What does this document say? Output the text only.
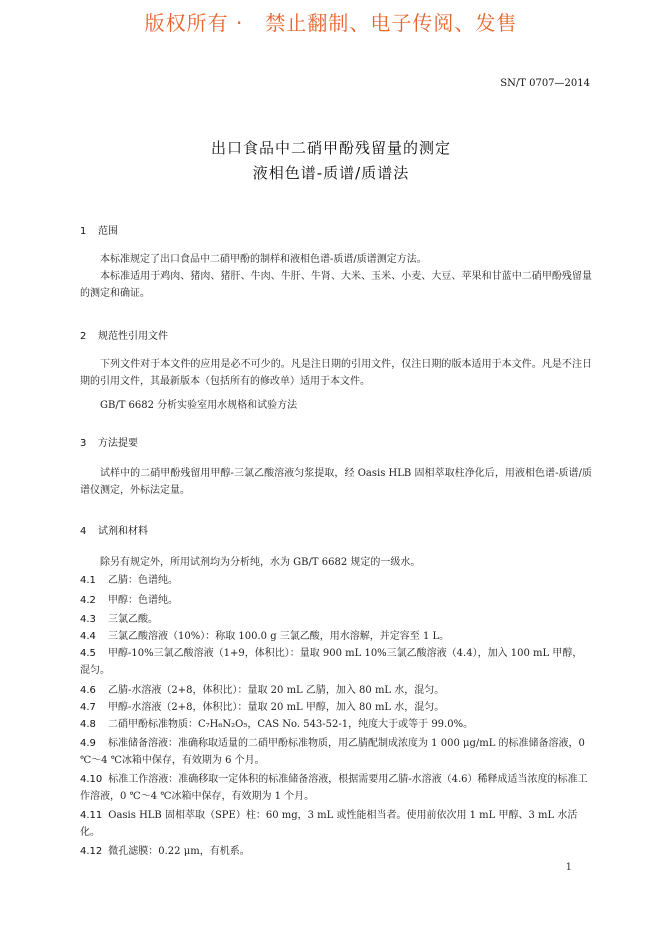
版权所有 ·   禁止翻制、电子传阅、发售
SN/T 0707—2014
出口食品中二硝甲酚残留量的测定
液相色谱-质谱/质谱法
1 范围

本标准规定了出口食品中二硝甲酚的制样和液相色谱-质谱/质谱测定方法。

本标准适用于鸡肉、猪肉、猪肝、牛肉、牛肝、牛肾、大米、玉米、小麦、大豆、苹果和甘蓝中二硝甲酚残留量的测定和确证。

2 规范性引用文件

下列文件对于本文件的应用是必不可少的。凡是注日期的引用文件，仅注日期的版本适用于本文件。凡是不注日期的引用文件，其最新版本（包括所有的修改单）适用于本文件。

GB/T 6682 分析实验室用水规格和试验方法

3 方法提要

试样中的二硝甲酚残留用甲醇-三氯乙酸溶液匀浆提取，经 Oasis HLB 固相萃取柱净化后，用液相色谱-质谱/质谱仪测定，外标法定量。

4 试剂和材料

除另有规定外，所用试剂均为分析纯，水为 GB/T 6682 规定的一级水。

4.1 乙腈：色谱纯。

4.2 甲醇：色谱纯。

4.3 三氯乙酸。

4.4 三氯乙酸溶液（10%）：称取 100.0 g 三氯乙酸，用水溶解，并定容至 1 L。

4.5 甲醇-10%三氯乙酸溶液（1+9，体积比）：量取 900 mL 10%三氯乙酸溶液（4.4），加入 100 mL 甲醇，混匀。

4.6 乙腈-水溶液（2+8，体积比）：量取 20 mL 乙腈，加入 80 mL 水，混匀。

4.7 甲醇-水溶液（2+8，体积比）：量取 20 mL 甲醇，加入 80 mL 水，混匀。

4.8 二硝甲酚标准物质：C₇H₆N₂O₅，CAS No. 543-52-1，纯度大于或等于 99.0%。

4.9 标准储备溶液：准确称取适量的二硝甲酚标准物质，用乙腈配制成浓度为 1 000 μg/mL 的标准储备溶液，0 ℃～4 ℃冰箱中保存，有效期为 6 个月。

4.10 标准工作溶液：准确移取一定体积的标准储备溶液，根据需要用乙腈-水溶液（4.6）稀释成适当浓度的标准工作溶液，0 ℃～4 ℃冰箱中保存，有效期为 1 个月。

4.11 Oasis HLB 固相萃取（SPE）柱：60 mg，3 mL 或性能相当者。使用前依次用 1 mL 甲醇、3 mL 水活化。

4.12 微孔滤膜：0.22 μm，有机系。

1
